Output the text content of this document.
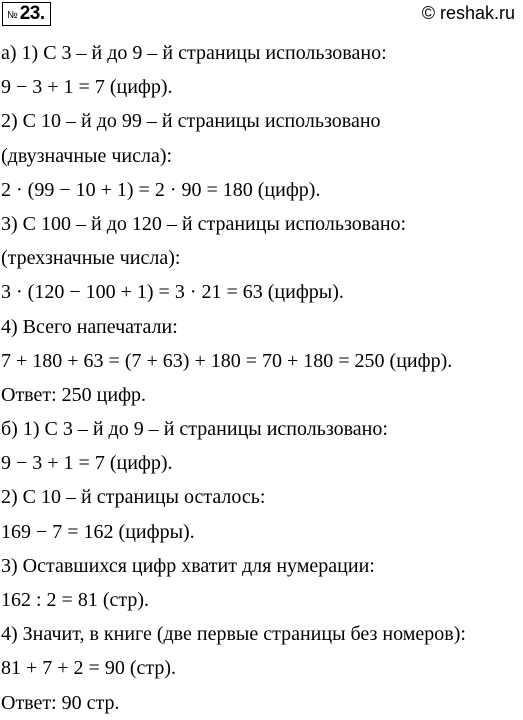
№ 23.	© reshak.ru
а) 1) С 3 – й до 9 – й страницы использовано:
9 − 3 + 1 = 7 (цифр).
2) С 10 – й до 99 – й страницы использовано
(двузначные числа):
2 · (99 − 10 + 1) = 2 · 90 = 180 (цифр).
3) С 100 – й до 120 – й страницы использовано:
(трехзначные числа):
3 · (120 − 100 + 1) = 3 · 21 = 63 (цифры).
4) Всего напечатали:
7 + 180 + 63 = (7 + 63) + 180 = 70 + 180 = 250 (цифр).
Ответ: 250 цифр.
б) 1) С 3 – й до 9 – й страницы использовано:
9 − 3 + 1 = 7 (цифр).
2) С 10 – й страницы осталось:
169 − 7 = 162 (цифры).
3) Оставшихся цифр хватит для нумерации:
162 : 2 = 81 (стр).
4) Значит, в книге (две первые страницы без номеров):
81 + 7 + 2 = 90 (стр).
Ответ: 90 стр.
